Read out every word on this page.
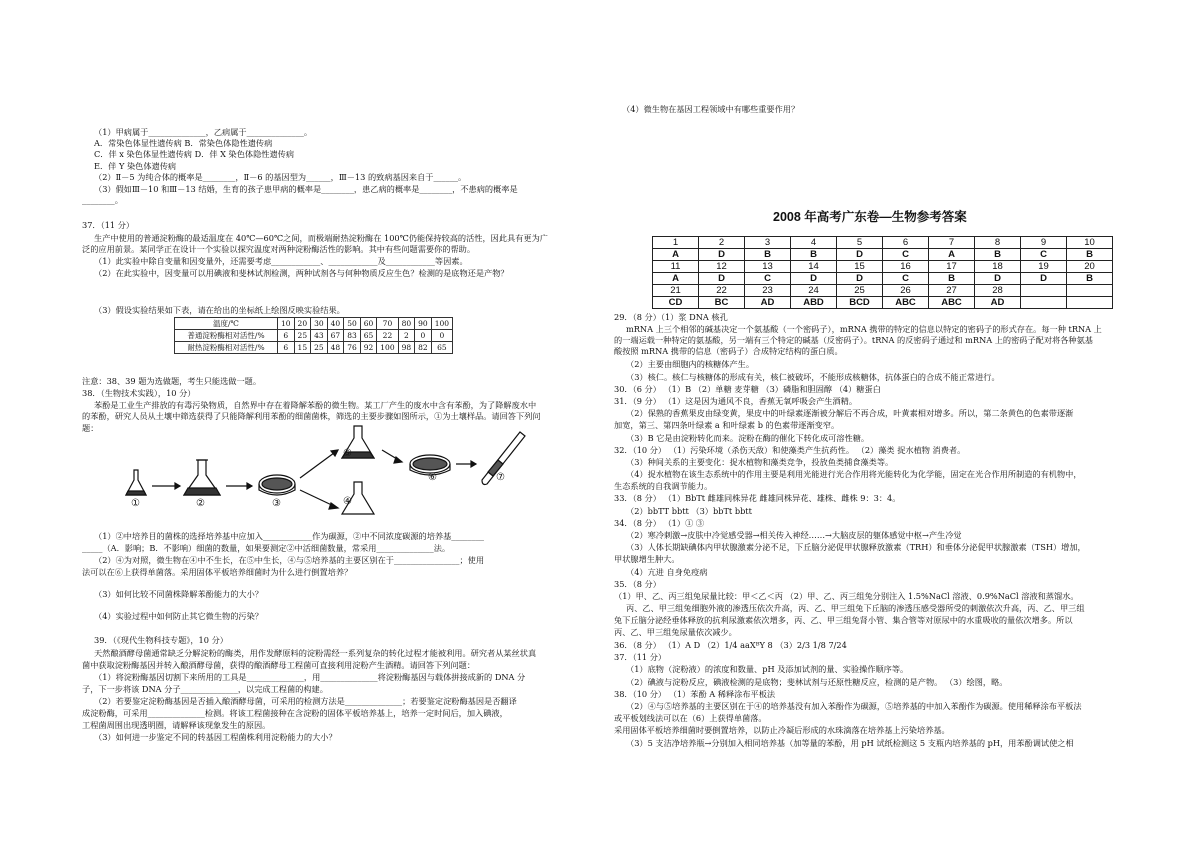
（1）甲病属于______________，乙病属于______________。
A．常染色体显性遗传病 B．常染色体隐性遗传病
C．伴 x 染色体显性遗传病 D．伴 X 染色体隐性遗传病
E．伴 Y 染色体遗传病
（2）Ⅱ－5 为纯合体的概率是________，Ⅱ－6 的基因型为______，Ⅲ－13 的致病基因来自于______。
（3）假如Ⅲ－10 和Ⅲ－13 结婚，生育的孩子患甲病的概率是________，患乙病的概率是________，不患病的概率是
________。
37．（11 分）
生产中使用的普通淀粉酶的最适温度在 40℃—60℃之间，而极端耐热淀粉酶在 100℃仍能保持较高的活性，因此具有更为广
泛的应用前景。某同学正在设计一个实验以探究温度对两种淀粉酶活性的影响。其中有些问题需要你的帮助。
（1）此实验中除自变量和因变量外，还需要考虑____________、____________及____________等因素。
（2）在此实验中，因变量可以用碘液和斐林试剂检测，两种试剂各与何种物质反应生色？检测的是底物还是产物？
（3）假设实验结果如下表，请在给出的坐标纸上绘图反映实验结果。
温度/℃	10	20	30	40	50	60	70	80	90	100
普通淀粉酶相对活性/%	6	25	43	67	83	65	22	2	0	0
耐热淀粉酶相对活性/%	6	15	25	48	76	92	100	98	82	65
注意：38、39 题为选做题，考生只能选做一题。
38．（生物技术实践），10 分）
苯酚是工业生产排放的有毒污染物质，自然界中存在着降解苯酚的微生物。某工厂产生的废水中含有苯酚，为了降解废水中
的苯酚，研究人员从土壤中筛选获得了只能降解利用苯酚的细菌菌株，筛选的主要步骤如图所示，①为土壤样品。请回答下列问
题：
①	②	③	④
⑤
⑥	⑦
（1）②中培养目的菌株的选择培养基中应加入____________作为碳源，②中不同浓度碳源的培养基________
_____（A．影响；B．不影响）细菌的数量，如果要测定②中活细菌数量，常采用______________法。
（2）④为对照，微生物在④中不生长，在⑤中生长，④与⑤培养基的主要区别在于________________；使用
法可以在⑥上获得单菌落。采用固体平板培养细菌时为什么进行倒置培养？
（3）如何比较不同菌株降解苯酚能力的大小？
（4）实验过程中如何防止其它微生物的污染？
39．（《现代生物科技专题》，10 分）
天然酿酒酵母菌通常缺乏分解淀粉的酶类，用作发酵原料的淀粉需经一系列复杂的转化过程才能被利用。研究者从某丝状真
菌中获取淀粉酶基因并转入酿酒酵母菌，获得的酿酒酵母工程菌可直接利用淀粉产生酒精。请回答下列问题：
（1）将淀粉酶基因切割下来所用的工具是______________，用______________将淀粉酶基因与载体拼接成新的 DNA 分
子，下一步将该 DNA 分子______________，以完成工程菌的构建。
（2）若要鉴定淀粉酶基因是否插入酿酒酵母菌，可采用的检测方法是______________；若要鉴定淀粉酶基因是否翻译
成淀粉酶，可采用______________检测。将该工程菌接种在含淀粉的固体平板培养基上，培养一定时间后，加入碘液，
工程菌周围出现透明圈，请解释该现象发生的原因。
（3）如何进一步鉴定不同的转基因工程菌株利用淀粉能力的大小？
（4）微生物在基因工程领域中有哪些重要作用？
2008 年高考广东卷—生物参考答案
1	2	3	4	5	6	7	8	9	10
A	D	B	B	D	C	A	B	C	B
11	12	13	14	15	16	17	18	19	20
A	D	C	D	D	C	B	D	D	B
21	22	23	24	25	26	27	28		
CD	BC	AD	ABD	BCD	ABC	ABC	AD		
29．（8 分）（1）浆 DNA 核孔
mRNA 上三个相邻的碱基决定一个氨基酸（一个密码子），mRNA 携带的特定的信息以特定的密码子的形式存在。每一种 tRNA 上
的一端运载一种特定的氨基酸，另一端有三个特定的碱基（反密码子）。tRNA 的反密码子通过和 mRNA 上的密码子配对将各种氨基
酸按照 mRNA 携带的信息（密码子）合成特定结构的蛋白质。
（2）主要由细胞内的核糖体产生。
（3）核仁。核仁与核糖体的形成有关，核仁被破坏，不能形成核糖体，抗体蛋白的合成不能正常进行。
30．（6 分） （1）B （2）单糖 麦芽糖 （3）磷脂和胆固醇 （4）糖蛋白
31．（9 分） （1）这是因为通风不良，香蕉无氧呼吸会产生酒精。
（2）保熟的香蕉果皮由绿变黄，果皮中的叶绿素逐渐被分解后不再合成，叶黄素相对增多。所以，第二条黄色的色素带逐渐
加宽，第三、第四条叶绿素 a 和叶绿素 b 的色素带逐渐变窄。
（3）B 它是由淀粉转化而来。淀粉在酶的催化下转化成可溶性糖。
32．（10 分） （1）污染环境（杀伤天敌）和使藻类产生抗药性。 （2）藻类 捉水植物 消费者。
（3）种间关系的主要变化：捉水植物和藻类竞争，投放鱼类捕食藻类等。
（4）捉水植物在该生态系统中的作用主要是利用光能进行光合作用将光能转化为化学能，固定在光合作用所制造的有机物中，
生态系统的自我调节能力。
33．（8 分） （1）BbTt 雌雄同株异花 雌雄同株异花、雄株、雌株 9：3：4。
（2）bbTT bbtt （3）bbTt bbtt
34．（8 分） （1）① ③
（2）寒冷刺激→皮肤中冷觉感受器→相关传入神经……→大脑皮层的躯体感觉中枢→产生冷觉
（3）人体长期缺碘体内甲状腺激素分泌不足，下丘脑分泌促甲状腺释放激素（TRH）和垂体分泌促甲状腺激素（TSH）增加，
甲状腺增生肿大。
（4）亢进 自身免疫病
35．（8 分）
（1）甲、乙、丙三组兔尿量比较：甲＜乙＜丙 （2）甲、乙、丙三组兔分别注入 1.5%NaCl 溶液、0.9%NaCl 溶液和蒸馏水。
丙、乙、甲三组兔细胞外液的渗透压依次升高，丙、乙、甲三组兔下丘脑的渗透压感受器所受的刺激依次升高，丙、乙、甲三组
兔下丘脑分泌经垂体释放的抗利尿激素依次增多，丙、乙、甲三组兔肾小管、集合管等对原尿中的水重吸收的量依次增多。所以
丙、乙、甲三组兔尿量依次减少。
36．（8 分） （1）A D （2）1/4 aaXᴮY 8 （3）2/3 1/8 7/24
37．（11 分）
（1）底物（淀粉液）的浓度和数量、pH 及添加试剂的量、实验操作顺序等。
（2）碘液与淀粉反应，碘液检测的是底物；斐林试剂与还原性糖反应，检测的是产物。 （3）绘图，略。
38．（10 分） （1）苯酚 A 稀释涂布平板法
（2）④与⑤培养基的主要区别在于④的培养基没有加入苯酚作为碳源，⑤培养基的中加入苯酚作为碳源。使用稀释涂布平板法
或平板划线法可以在（6）上获得单菌落。
采用固体平板培养细菌时要倒置培养，以防止冷凝后形成的水珠滴落在培养基上污染培养基。
（3）5 支洁净培养瓶→分别加入相同培养基（加等量的苯酚，用 pH 试纸检测这 5 支瓶内培养基的 pH，用苯酚调试使之相
